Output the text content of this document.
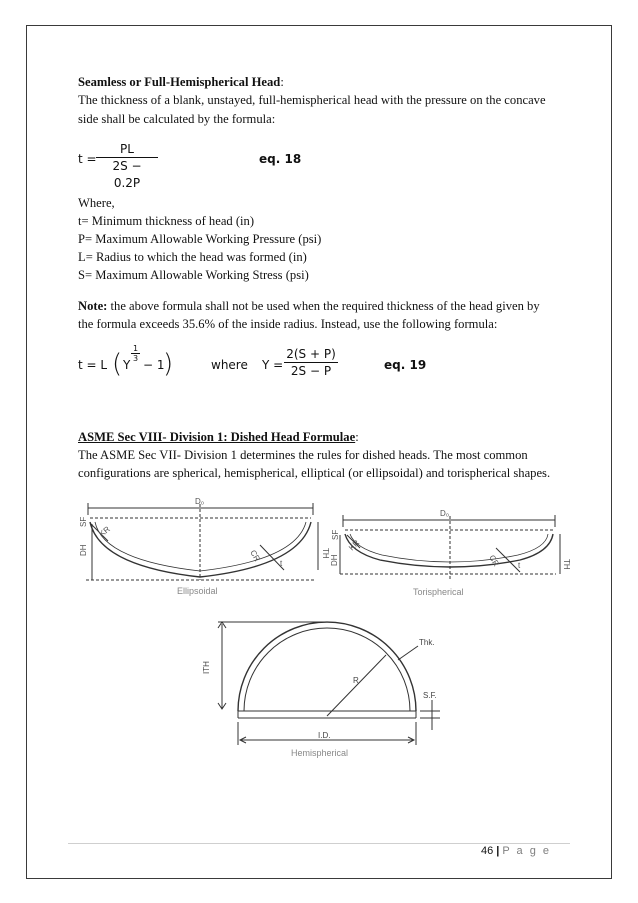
Seamless or Full-Hemispherical Head:
The thickness of a blank, unstayed, full-hemispherical head with the pressure on the concave
side shall be calculated by the formula:
$t = \frac{PL}{2S - 0.2P}$	eq. 18
Where,
t= Minimum thickness of head (in)
P= Maximum Allowable Working Pressure (psi)
L= Radius to which the head was formed (in)
S= Maximum Allowable Working Stress (psi)
Note: the above formula shall not be used when the required thickness of the head given by
the formula exceeds 35.6% of the inside radius. Instead, use the following formula:
t = L ( Y
$\frac{1}{3}$
− 1
)	where $Y = \frac{2(S + P)}{2S - P}$	eq. 19
ASME Sec VIII- Division 1: Dished Head Formulae:
The ASME Sec VII- Division 1 determines the rules for dished heads. The most common
configurations are spherical, hemispherical, elliptical (or ellipsoidal) and torispherical shapes.
D₀
SF
KR
DH	CR	TH
t
Ellipsoidal
D₀
SF
KR
DH	CR	TH
t
Torispherical
ITH
Thk.
R
S.F.
I.D.
Hemispherical
46 | P a g e
